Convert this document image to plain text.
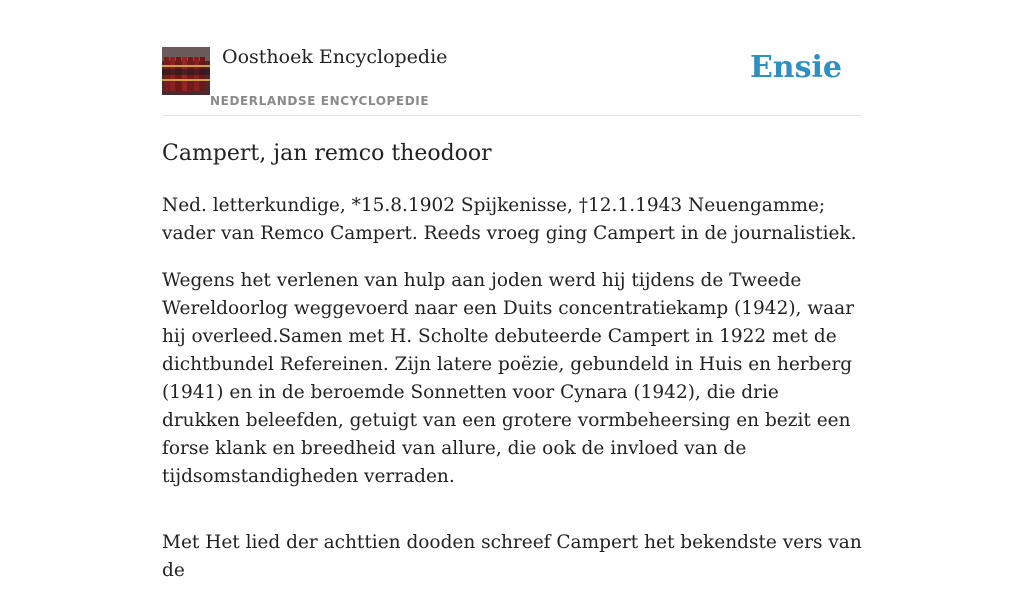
Oosthoek Encyclopedie
NEDERLANDSE ENCYCLOPEDIE
Ensie
Campert, jan remco theodoor

Ned. letterkundige, *15.8.1902 Spijkenisse, †12.1.1943 Neuengamme; vader van Remco Campert. Reeds vroeg ging Campert in de journalistiek.

Wegens het verlenen van hulp aan joden werd hij tijdens de Tweede Wereldoorlog weggevoerd naar een Duits concentratiekamp (1942), waar hij overleed.Samen met H. Scholte debuteerde Campert in 1922 met de dichtbundel Refereinen. Zijn latere poëzie, gebundeld in Huis en herberg (1941) en in de beroemde Sonnetten voor Cynara (1942), die drie drukken beleefden, getuigt van een grotere vormbeheersing en bezit een forse klank en breedheid van allure, die ook de invloed van de tijdsomstandigheden verraden.

Met Het lied der achttien dooden schreef Campert het bekendste vers van de
